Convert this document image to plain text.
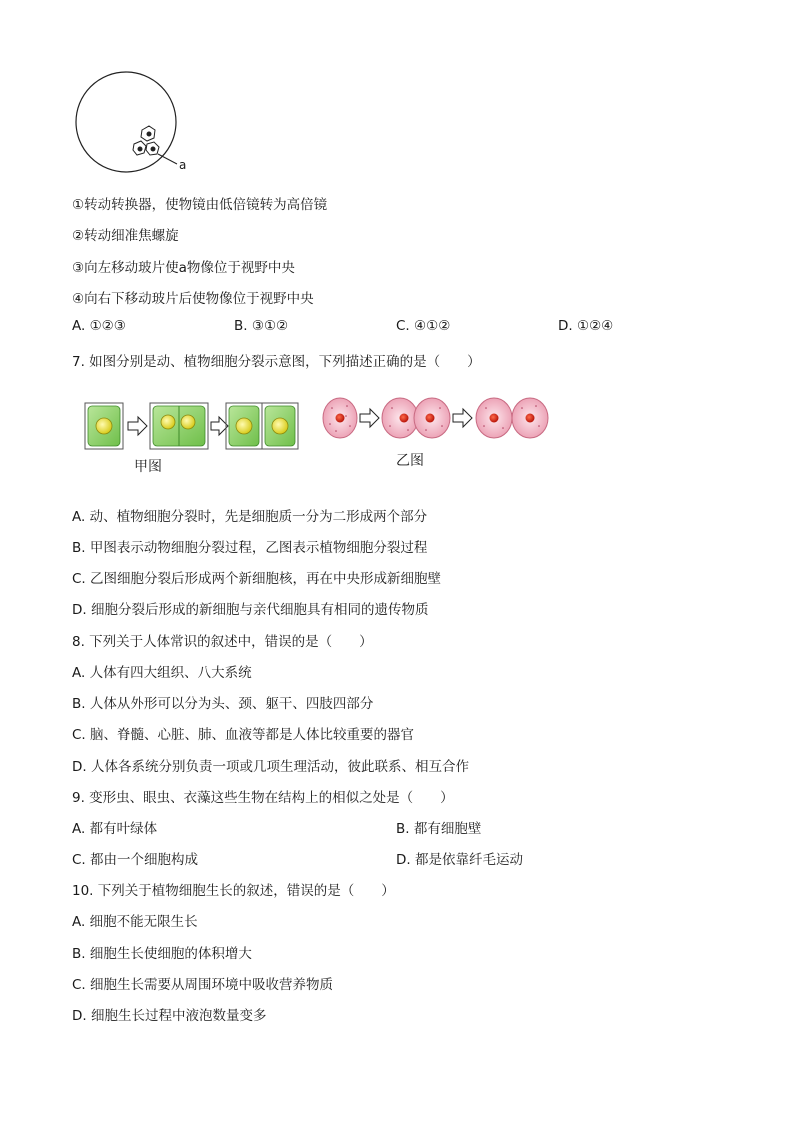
a
①转动转换器，使物镜由低倍镜转为高倍镜
②转动细准焦螺旋
③向左移动玻片使a物像位于视野中央
④向右下移动玻片后使物像位于视野中央
A. ①②③	B. ③①②	C. ④①②	D. ①②④
7. 如图分别是动、植物细胞分裂示意图，下列描述正确的是（　　）
甲图	乙图
A. 动、植物细胞分裂时，先是细胞质一分为二形成两个部分
B. 甲图表示动物细胞分裂过程，乙图表示植物细胞分裂过程
C. 乙图细胞分裂后形成两个新细胞核，再在中央形成新细胞壁
D. 细胞分裂后形成的新细胞与亲代细胞具有相同的遗传物质
8. 下列关于人体常识的叙述中，错误的是（　　）
A. 人体有四大组织、八大系统
B. 人体从外形可以分为头、颈、躯干、四肢四部分
C. 脑、脊髓、心脏、肺、血液等都是人体比较重要的器官
D. 人体各系统分别负责一项或几项生理活动，彼此联系、相互合作
9. 变形虫、眼虫、衣藻这些生物在结构上的相似之处是（　　）
A. 都有叶绿体	B. 都有细胞壁
C. 都由一个细胞构成	D. 都是依靠纤毛运动
10. 下列关于植物细胞生长的叙述，错误的是（　　）
A. 细胞不能无限生长
B. 细胞生长使细胞的体积增大
C. 细胞生长需要从周围环境中吸收营养物质
D. 细胞生长过程中液泡数量变多
